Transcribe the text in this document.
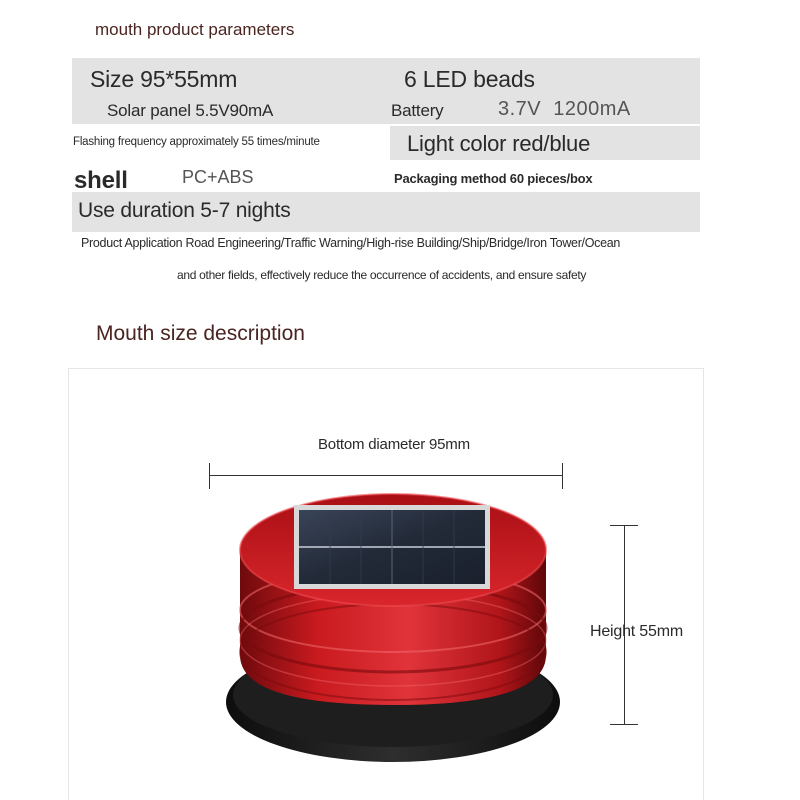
mouth product parameters
Size 95*55mm	6 LED beads
Solar panel 5.5V90mA	Battery	3.7V  1200mA
Flashing frequency approximately 55 times/minute	Light color red/blue
shell	PC+ABS	Packaging method 60 pieces/box
Use duration 5-7 nights
Product Application Road Engineering/Traffic Warning/High-rise Building/Ship/Bridge/Iron Tower/Ocean
and other fields, effectively reduce the occurrence of accidents, and ensure safety
Mouth size description
Bottom diameter 95mm
Height 55mm
